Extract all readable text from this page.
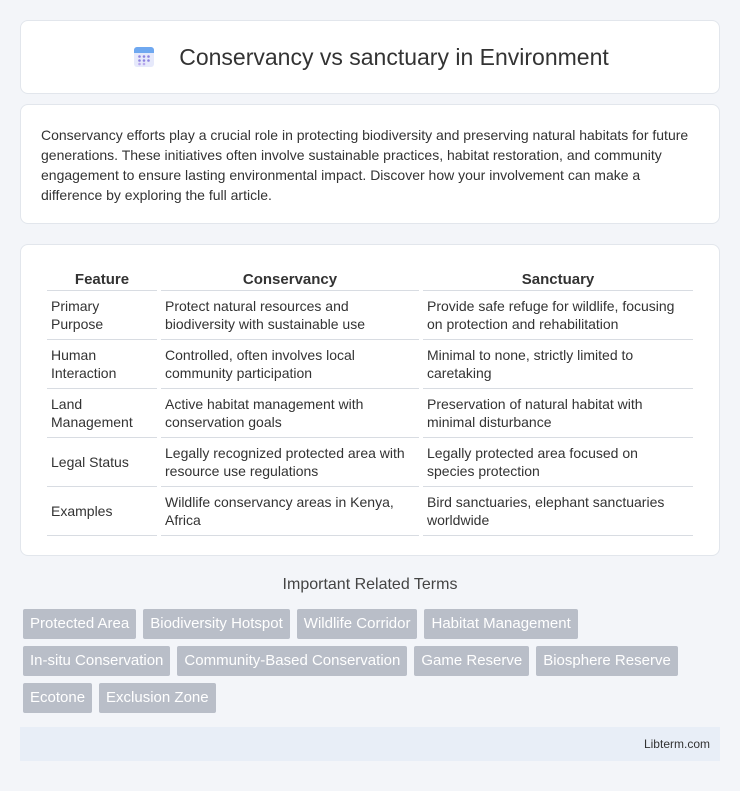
Conservancy vs sanctuary in Environment

Conservancy efforts play a crucial role in protecting biodiversity and preserving natural habitats for future generations. These initiatives often involve sustainable practices, habitat restoration, and community engagement to ensure lasting environmental impact. Discover how your involvement can make a difference by exploring the full article.

Feature	Conservancy	Sanctuary
Primary Purpose	Protect natural resources and biodiversity with sustainable use	Provide safe refuge for wildlife, focusing on protection and rehabilitation
Human Interaction	Controlled, often involves local community participation	Minimal to none, strictly limited to caretaking
Land Management	Active habitat management with conservation goals	Preservation of natural habitat with minimal disturbance
Legal Status	Legally recognized protected area with resource use regulations	Legally protected area focused on species protection
Examples	Wildlife conservancy areas in Kenya, Africa	Bird sanctuaries, elephant sanctuaries worldwide
Important Related Terms
Protected Area	Biodiversity Hotspot	Wildlife Corridor	Habitat Management
In-situ Conservation	Community-Based Conservation	Game Reserve	Biosphere Reserve
Ecotone	Exclusion Zone
Libterm.com
